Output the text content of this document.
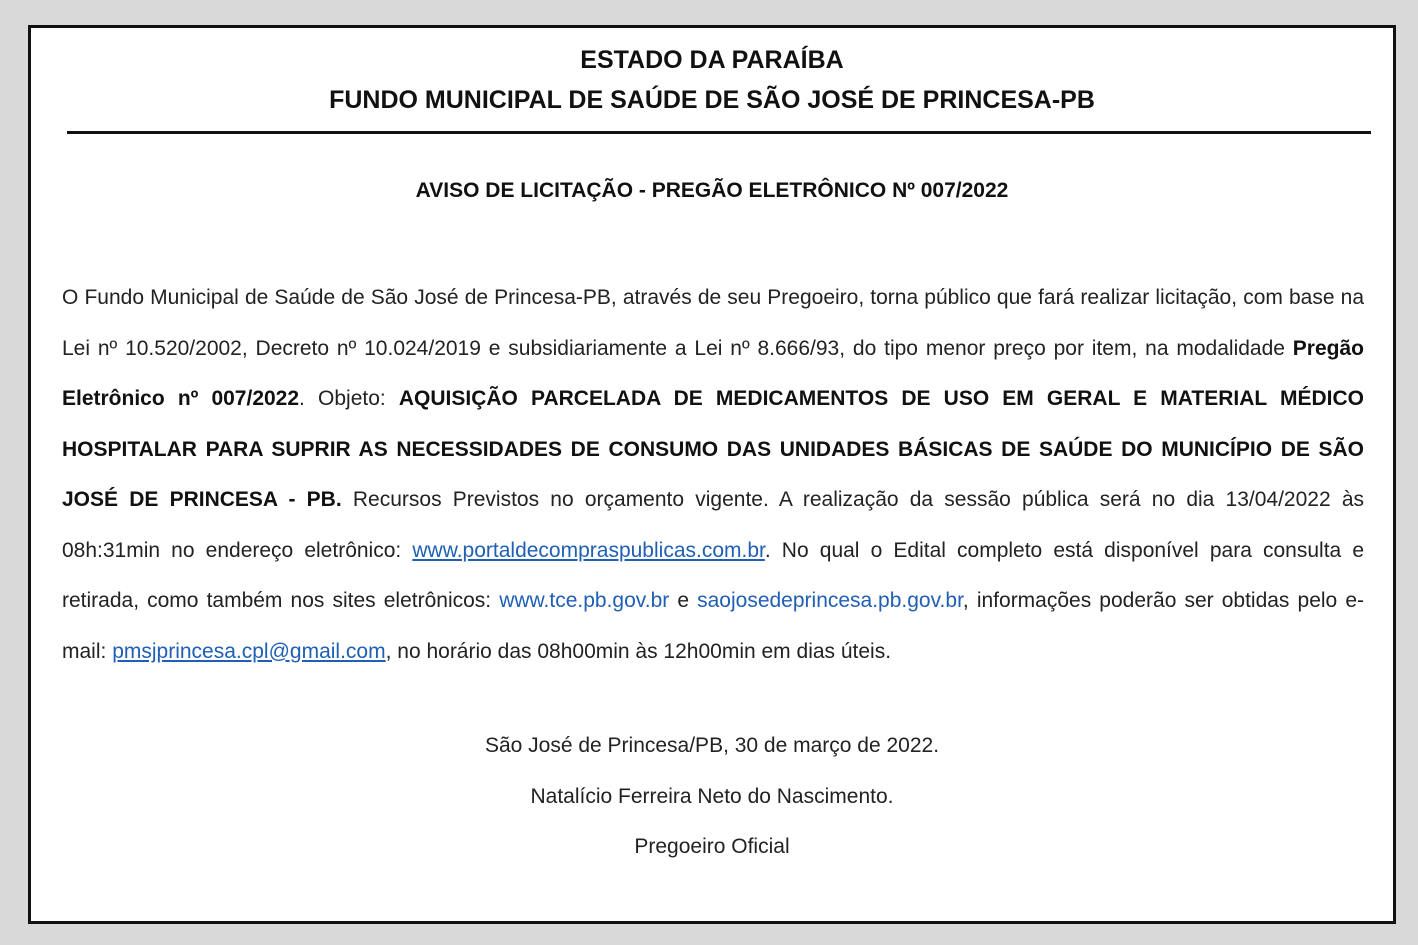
ESTADO DA PARAÍBA
FUNDO MUNICIPAL DE SAÚDE DE SÃO JOSÉ DE PRINCESA-PB
AVISO DE LICITAÇÃO - PREGÃO ELETRÔNICO Nº 007/2022

O Fundo Municipal de Saúde de São José de Princesa-PB, através de seu Pregoeiro, torna público que fará realizar licitação, com base na Lei nº 10.520/2002, Decreto nº 10.024/2019 e subsidiariamente a Lei nº 8.666/93, do tipo menor preço por item, na modalidade Pregão Eletrônico nº 007/2022. Objeto: AQUISIÇÃO PARCELADA DE MEDICAMENTOS DE USO EM GERAL E MATERIAL MÉDICO HOSPITALAR PARA SUPRIR AS NECESSIDADES DE CONSUMO DAS UNIDADES BÁSICAS DE SAÚDE DO MUNICÍPIO DE SÃO JOSÉ DE PRINCESA - PB. Recursos Previstos no orçamento vigente. A realização da sessão pública será no dia 13/04/2022 às 08h:31min no endereço eletrônico: www.portaldecompraspublicas.com.br. No qual o Edital completo está disponível para consulta e retirada, como também nos sites eletrônicos: www.tce.pb.gov.br e saojosedeprincesa.pb.gov.br, informações poderão ser obtidas pelo e-mail: pmsjprincesa.cpl@gmail.com, no horário das 08h00min às 12h00min em dias úteis.

São José de Princesa/PB, 30 de março de 2022.
Natalício Ferreira Neto do Nascimento.
Pregoeiro Oficial
